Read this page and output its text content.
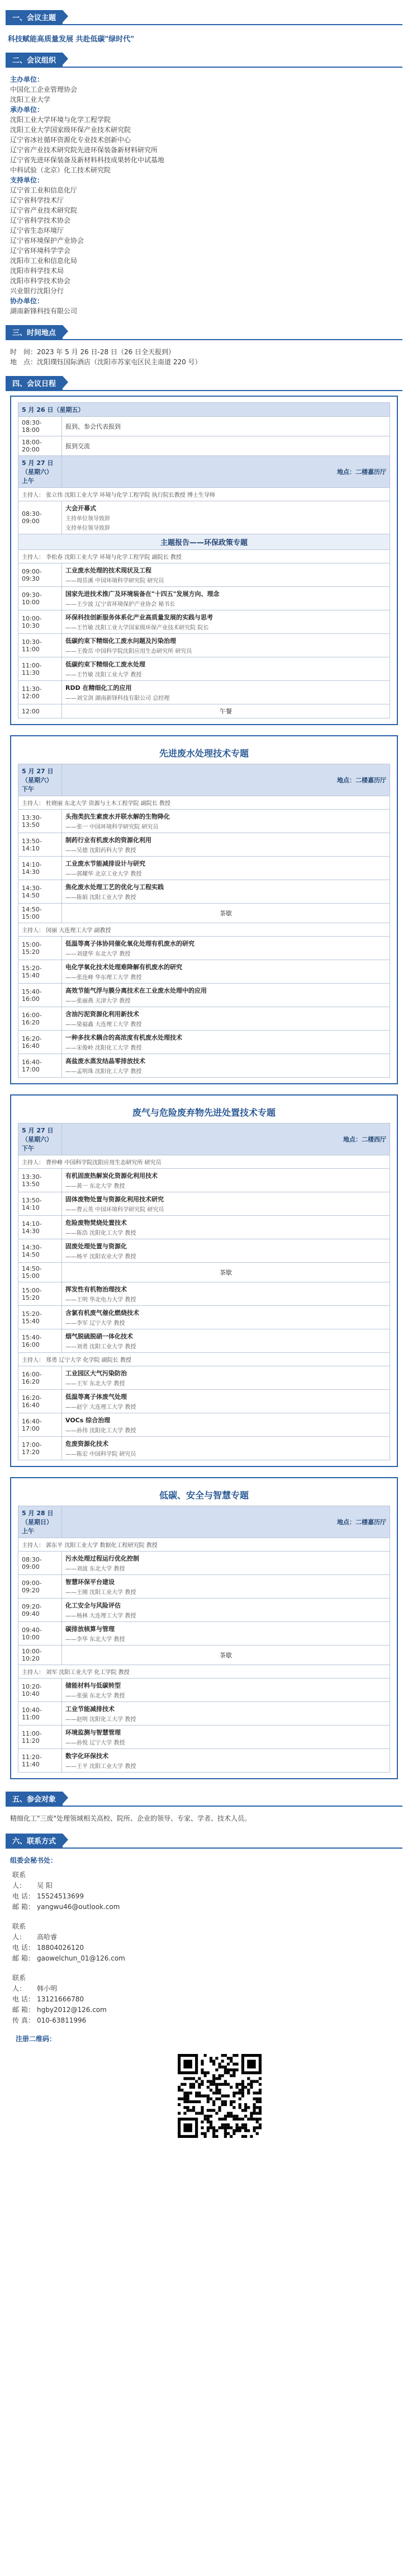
一、会议主题
科技赋能高质量发展 共赴低碳"绿时代"
二、会议组织
主办单位：
中国化工企业管理协会
沈阳工业大学
承办单位：
沈阳工业大学环境与化学工程学院
沈阳工业大学国家级环保产业技术研究院
辽宁省冰社循环资源化专业技术创新中心
辽宁省产业技术研究院先进环保装备新材料研究所
辽宁省先进环保装备及新材料科技成果转化中试基地
中科试验（北京）化工技术研究院
支持单位：
辽宁省工业和信息化厅
辽宁省科学技术厅
辽宁省产业技术研究院
辽宁省科学技术协会
辽宁省生态环境厅
辽宁省环境保护产业协会
辽宁省环境科学学会
沈阳市工业和信息化局
沈阳市科学技术局
沈阳市科学技术协会
兴业银行沈阳分行
协办单位：
湖南新锋科技有限公司
三、时间地点
时　间：2023 年 5 月 26 日-28 日（26 日全天报到）
地　点：沈阳璞钰国际酒店（沈阳市苏家屯区民主南道 220 号）
四、会议日程
5 月 26 日（星期五）	
08:30-18:00	报到、参会代表报到
18:00-20:00	报到交流
5 月 27 日（星期六）上午	地点：二楼嘉历厅
主持人： 张立伟 沈阳工业大学 环境与化学工程学院 执行院长教授 博士生导师	
08:30-09:00	大会开幕式
主持单位领导致辞
支持单位领导致辞

主题报告——环保政策专题	
主持人： 李松春 沈阳工业大学 环境与化学工程学院 副院长 教授	
09:00-09:30	工业废水处理的技术现状及工程
——周岳溪 中国环境科学研究院 研究员

09:30-10:00	国家先进技术推广及环境装备在"十四五"发展方向、理念
——王少波 辽宁省环境保护产业协会 秘书长

10:00-10:30	环保科技创新服务体系化产业高质量发展的实践与思考
——王竹敏 沈阳工业大学国家级环保产业技术研究院 院长

10:30-11:00	低碳约束下精细化工废水问题及污染治理
——王俊岳 中国科学院沈阳应用生态研究所 研究员

11:00-11:30	低碳约束下精细化工废水处理
——王竹敏 沈阳工业大学 教授

11:30-12:00	RDD 在精细化工的应用
——刘宝剑 湖南新锋科技有限公司 总经理

12:00	午餐
先进废水处理技术专题
5 月 27 日（星期六）下午	地点：二楼嘉历厅
主持人： 杜晓丽 东北大学 资源与土木工程学院 副院长 教授	
13:30-13:50	头孢类抗生素废水并联水解的生物降化
——张一 中国环境科学研究院 研究员

13:50-14:10	制药行业有机废水的资源化利用
——吴德 沈阳药科大学 教授

14:10-14:30	工业废水节能减排设计与研究
——郭耀华 北京工业大学 教授

14:30-14:50	焦化废水处理工艺的优化与工程实践
——陈娟 沈阳工业大学 教授

14:50-15:00	茶歇

主持人： 闵丽 大连理工大学 副教授	
15:00-15:20	低温等离子体协同催化氧化处理有机废水的研究
——刘建华 东北大学 教授

15:20-15:40	电化学氧化技术处理难降解有机废水的研究
——张连峰 华东理工大学 教授

15:40-16:00	高效节能气浮与膜分离技术在工业废水处理中的应用
——张丽燕 天津大学 教授

16:00-16:20	含油污泥资源化利用新技术
——梁福鑫 大连理工大学 教授

16:20-16:40	一种多技术耦合的高浓度有机废水处理技术
——宋俊岭 沈阳化工大学 教授

16:40-17:00	高盐废水蒸发结晶零排放技术
——孟明珠 沈阳化工大学 教授
废气与危险废弃物先进处置技术专题
5 月 27 日（星期六）下午	地点：二楼西厅
主持人： 曹仲峰 中国科学院沈阳应用生态研究所 研究员	
13:30-13:50	有机固废热解炭化资源化利用技术
——黄一 东北大学 教授

13:50-14:10	固体废物处置与资源化利用技术研究
——曹云英 中国环境科学研究院 研究员

14:10-14:30	危险废物焚烧处置技术
——陈浩 沈阳化工大学 教授

14:30-14:50	固废处理处置与资源化
——杨平 沈阳农业大学 教授

14:50-15:00	茶歇

15:00-15:20	挥发性有机物治理技术
——王明 华北电力大学 教授

15:20-15:40	含氯有机废气催化燃烧技术
——李军 辽宁大学 教授

15:40-16:00	烟气脱硫脱硝一体化技术
——刘勇 沈阳工业大学 教授

主持人： 郑勇 辽宁大学 化学院 副院长 教授	
16:00-16:20	工业园区大气污染防治
——王军 东北大学 教授

16:20-16:40	低温等离子体废气处理
——赵宇 大连理工大学 教授

16:40-17:00	VOCs 综合治理
——孙伟 沈阳化工大学 教授

17:00-17:20	危废资源化技术
——陈宏 中国科学院 研究员
低碳、安全与智慧专题
5 月 28 日（星期日）上午	地点：二楼嘉历厅
主持人： 郭东平 沈阳工业大学 数据化工程研究院 教授	
08:30-09:00	污水处理过程运行优化控制
——刘波 东北大学 教授

09:00-09:20	智慧环保平台建设
——王刚 沈阳工业大学 教授

09:20-09:40	化工安全与风险评估
——杨林 大连理工大学 教授

09:40-10:00	碳排放核算与管理
——李华 东北大学 教授

10:00-10:20	茶歇

主持人： 刘军 沈阳工业大学 化工学院 教授	
10:20-10:40	储能材料与低碳转型
——张强 东北大学 教授

10:40-11:00	工业节能减排技术
——赵明 沈阳化工大学 教授

11:00-11:20	环境监测与智慧管理
——孙悦 辽宁大学 教授

11:20-11:40	数字化环保技术
——王平 沈阳工业大学 教授
五、参会对象
精细化工"三废"处理领域相关高校、院所、企业的领导、专家、学者、技术人员。
六、联系方式
组委会秘书处：
联系人： 吴 阳
电 话： 15524513699
邮 箱： yangwu46@outlook.com
联系人： 高哈睿
电 话： 18804026120
邮 箱： gaowelchun_01@126.com
联系人： 韩小明
电 话： 13121666780
邮 箱： hgby2012@126.com
传 真： 010-63811996
注册二维码：
